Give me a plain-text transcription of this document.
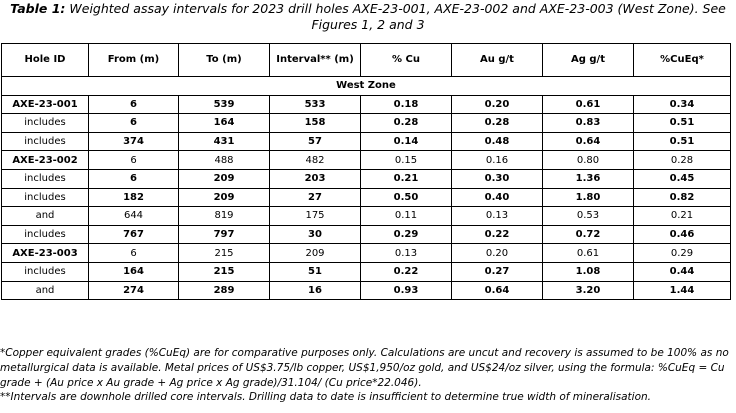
Table 1: Weighted assay intervals for 2023 drill holes AXE-23-001, AXE-23-002 and AXE-23-003 (West Zone). See Figures 1, 2 and 3
Hole ID	From (m)	To (m)	Interval** (m)	% Cu	Au g/t	Ag g/t	%CuEq*
West Zone							
AXE-23-001	6	539	533	0.18	0.20	0.61	0.34
includes	6	164	158	0.28	0.28	0.83	0.51
includes	374	431	57	0.14	0.48	0.64	0.51
AXE-23-002	6	488	482	0.15	0.16	0.80	0.28
includes	6	209	203	0.21	0.30	1.36	0.45
includes	182	209	27	0.50	0.40	1.80	0.82
and	644	819	175	0.11	0.13	0.53	0.21
includes	767	797	30	0.29	0.22	0.72	0.46
AXE-23-003	6	215	209	0.13	0.20	0.61	0.29
includes	164	215	51	0.22	0.27	1.08	0.44
and	274	289	16	0.93	0.64	3.20	1.44

*Copper equivalent grades (%CuEq) are for comparative purposes only. Calculations are uncut and recovery is assumed to be 100% as no metallurgical data is available. Metal prices of US$3.75/lb copper, US$1,950/oz gold, and US$24/oz silver, using the formula: %CuEq = Cu grade + (Au price x Au grade + Ag price x Ag grade)/31.104/ (Cu price*22.046).

**Intervals are downhole drilled core intervals. Drilling data to date is insufficient to determine true width of mineralisation.
